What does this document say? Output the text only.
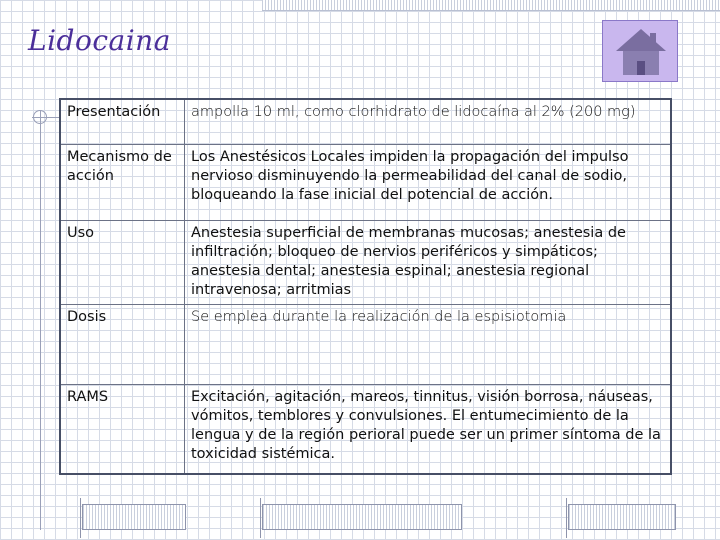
Lidocaina
Presentación	ampolla 10 ml, como clorhidrato de lidocaína al 2% (200 mg)
Mecanismo de acción	Los Anestésicos Locales impiden la propagación del impulso nervioso disminuyendo la permeabilidad del canal de sodio, bloqueando la fase inicial del potencial de acción.
Uso	Anestesia superficial de membranas mucosas; anestesia de infiltración; bloqueo de nervios periféricos y simpáticos; anestesia dental; anestesia espinal; anestesia regional intravenosa; arritmias
Dosis	Se emplea durante la realización de la espisiotomia
RAMS	Excitación, agitación, mareos, tinnitus, visión borrosa, náuseas, vómitos, temblores y convulsiones. El entumecimiento de la lengua y de la región perioral puede ser un primer síntoma de la toxicidad sistémica.
